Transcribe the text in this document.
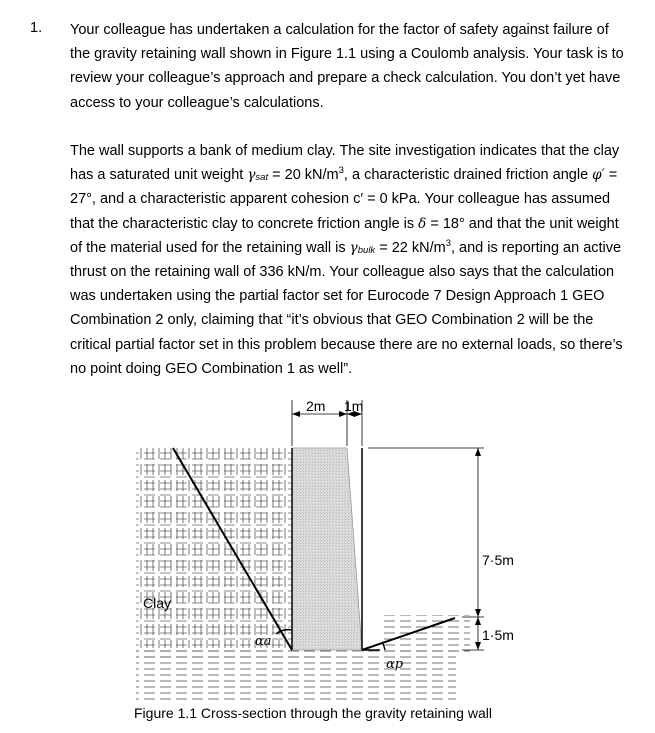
1. Your colleague has undertaken a calculation for the factor of safety against failure of the gravity retaining wall shown in Figure 1.1 using a Coulomb analysis. Your task is to review your colleague’s approach and prepare a check calculation. You don’t yet have access to your colleague’s calculations.

The wall supports a bank of medium clay. The site investigation indicates that the clay has a saturated unit weight $\gamma_{sat} = 20$ $kN/m^3$, a characteristic drained friction angle φ′ = 27°, and a characteristic apparent cohesion c′ = 0 kPa. Your colleague has assumed that the characteristic clay to concrete friction angle is δ = 18° and that the unit weight of the material used for the retaining wall is $\gamma_{bulk} = 22$ $kN/m^3$, and is reporting an active thrust on the retaining wall of 336 kN/m. Your colleague also says that the calculation was undertaken using the partial factor set for Eurocode 7 Design Approach 1 GEO Combination 2 only, claiming that “it’s obvious that GEO Combination 2 will be the critical partial factor set in this problem because there are no external loads, so there’s no point doing GEO Combination 1 as well”.

2m 1m
7·5m
1·5m
Clay
αa
αp
Figure 1.1 Cross-section through the gravity retaining wall
